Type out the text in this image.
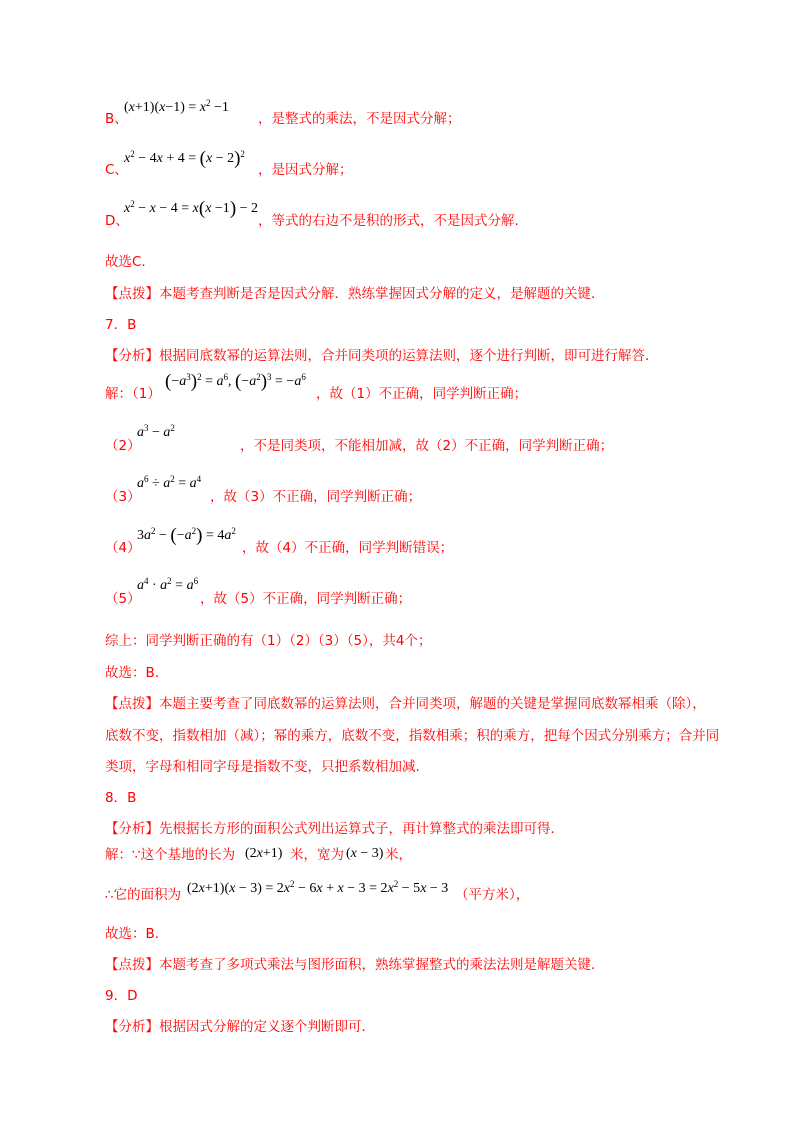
B、
$(x+1)(x-1) = x^2 -1$
，是整式的乘法，不是因式分解；
C、
$x^2 - 4x + 4 = (x - 2)^2$
，是因式分解；
D、
$x^2 - x - 4 = x(x -1) - 2$
，等式的右边不是积的形式，不是因式分解.
故选C.
【点拨】本题考查判断是否是因式分解．熟练掌握因式分解的定义，是解题的关键．
7．B
【分析】根据同底数幂的运算法则，合并同类项的运算法则，逐个进行判断，即可进行解答．
解：（1）
$(-a^3)^2 = a^6$, $(-a^2)^3 = -a^6$
，故（1）不正确，同学判断正确；
（2）
$a^3 - a^2$
，不是同类项，不能相加减，故（2）不正确，同学判断正确；
（3）
$a^6 \div a^2 = a^4$
，故（3）不正确，同学判断正确；
（4）
$3a^2 - (-a^2) = 4a^2$
，故（4）不正确，同学判断错误；
（5）
$a^4 \cdot a^2 = a^6$
，故（5）不正确，同学判断正确；
综上：同学判断正确的有（1）（2）（3）（5），共4个；
故选：B.
【点拨】本题主要考查了同底数幂的运算法则，合并同类项，解题的关键是掌握同底数幂相乘（除），
底数不变，指数相加（减）；幂的乘方，底数不变，指数相乘；积的乘方，把每个因式分别乘方；合并同
类项，字母和相同字母是指数不变，只把系数相加减.
8．B
【分析】先根据长方形的面积公式列出运算式子，再计算整式的乘法即可得．
解：∵这个基地的长为 (2x+1) 米，宽为 (x − 3) 米，
∴它的面积为 $(2x+1)(x - 3) = 2x^2 - 6x + x - 3 = 2x^2 - 5x - 3$ （平方米），
故选：B.
【点拨】本题考查了多项式乘法与图形面积，熟练掌握整式的乘法法则是解题关键．
9．D
【分析】根据因式分解的定义逐个判断即可．
